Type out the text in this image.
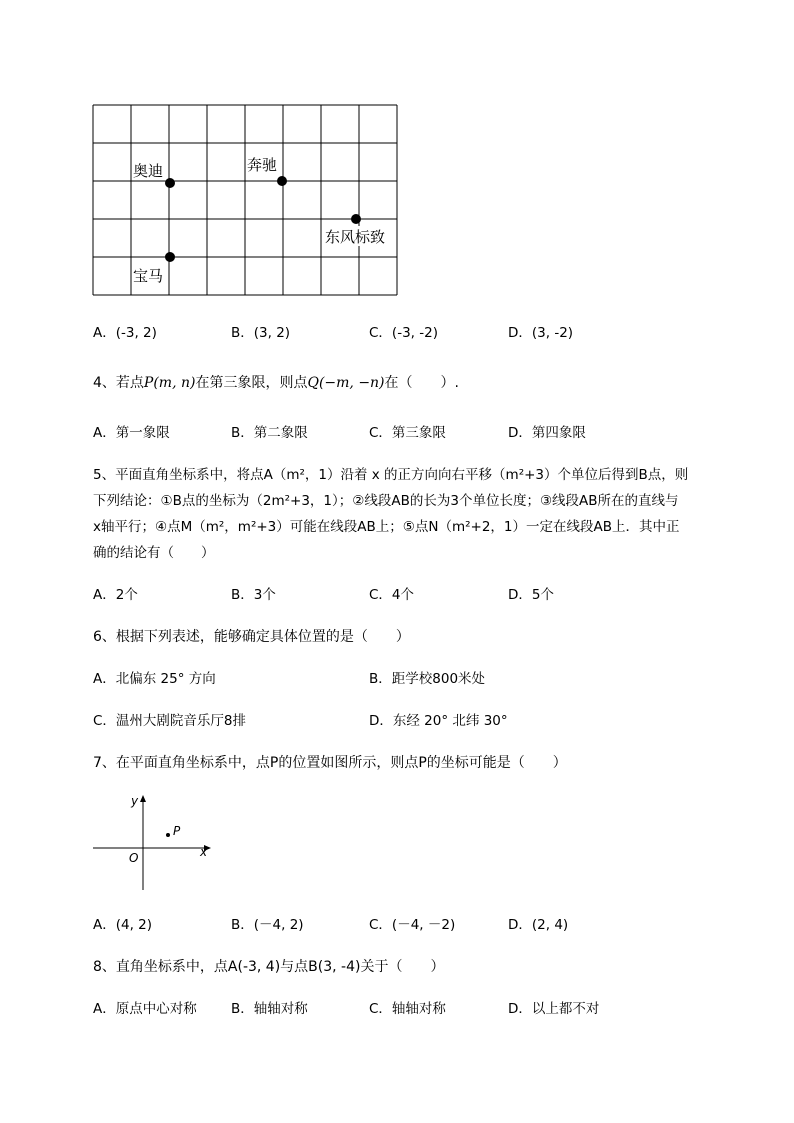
奥迪	奔驰
东风标致
宝马
A．(-3, 2)	B．(3, 2)	C．(-3, -2)	D．(3, -2)
4、若点P(m, n)在第三象限，则点Q(−m, −n)在（　　）.
A．第一象限	B．第二象限	C．第三象限	D．第四象限
5、平面直角坐标系中，将点A（m²，1）沿着 x 的正方向向右平移（m²+3）个单位后得到B点，则
下列结论：①B点的坐标为（2m²+3，1）；②线段AB的长为3个单位长度；③线段AB所在的直线与
x轴平行；④点M（m²，m²+3）可能在线段AB上；⑤点N（m²+2，1）一定在线段AB上．其中正
确的结论有（　　）
A．2个	B．3个	C．4个	D．5个
6、根据下列表述，能够确定具体位置的是（　　）
A．北偏东 25° 方向	B．距学校800米处
C．温州大剧院音乐厅8排	D．东经 20° 北纬 30°
7、在平面直角坐标系中，点P的位置如图所示，则点P的坐标可能是（　　）
y
x
O
P
A．(4, 2)	B．(－4, 2)	C．(－4, －2)	D．(2, 4)
8、直角坐标系中，点A(-3, 4)与点B(3, -4)关于（　　）
A．原点中心对称	B．轴轴对称	C．轴轴对称	D．以上都不对
